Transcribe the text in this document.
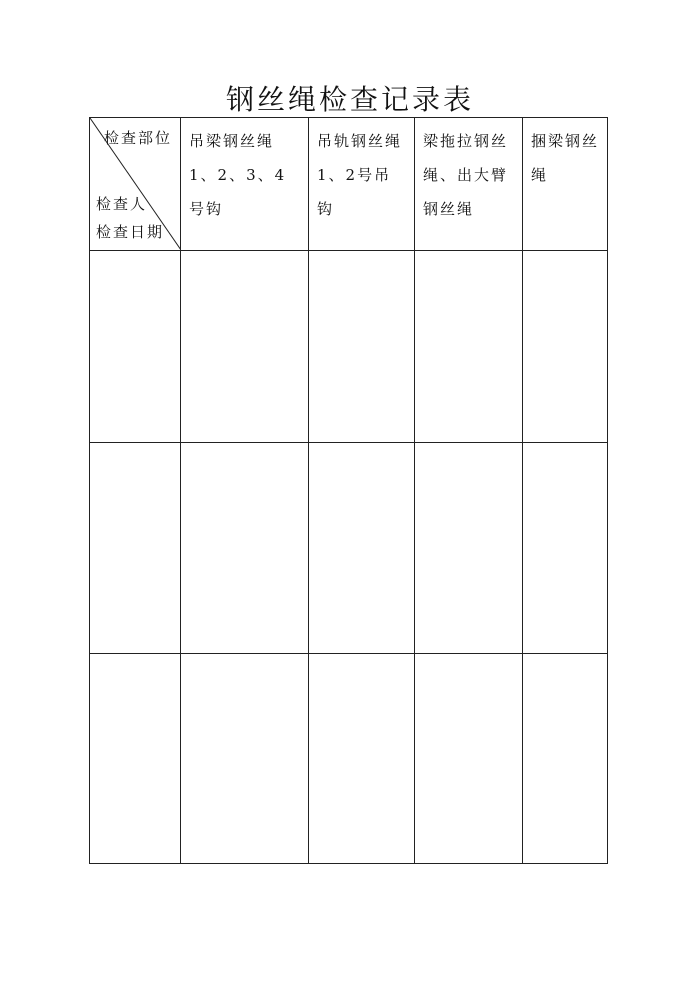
钢丝绳检查记录表
检查部位
检查人
检查日期	吊梁钢丝绳1、2、3、4号钩	吊轨钢丝绳1、2号吊钩	梁拖拉钢丝绳、出大臂钢丝绳	捆梁钢丝绳
